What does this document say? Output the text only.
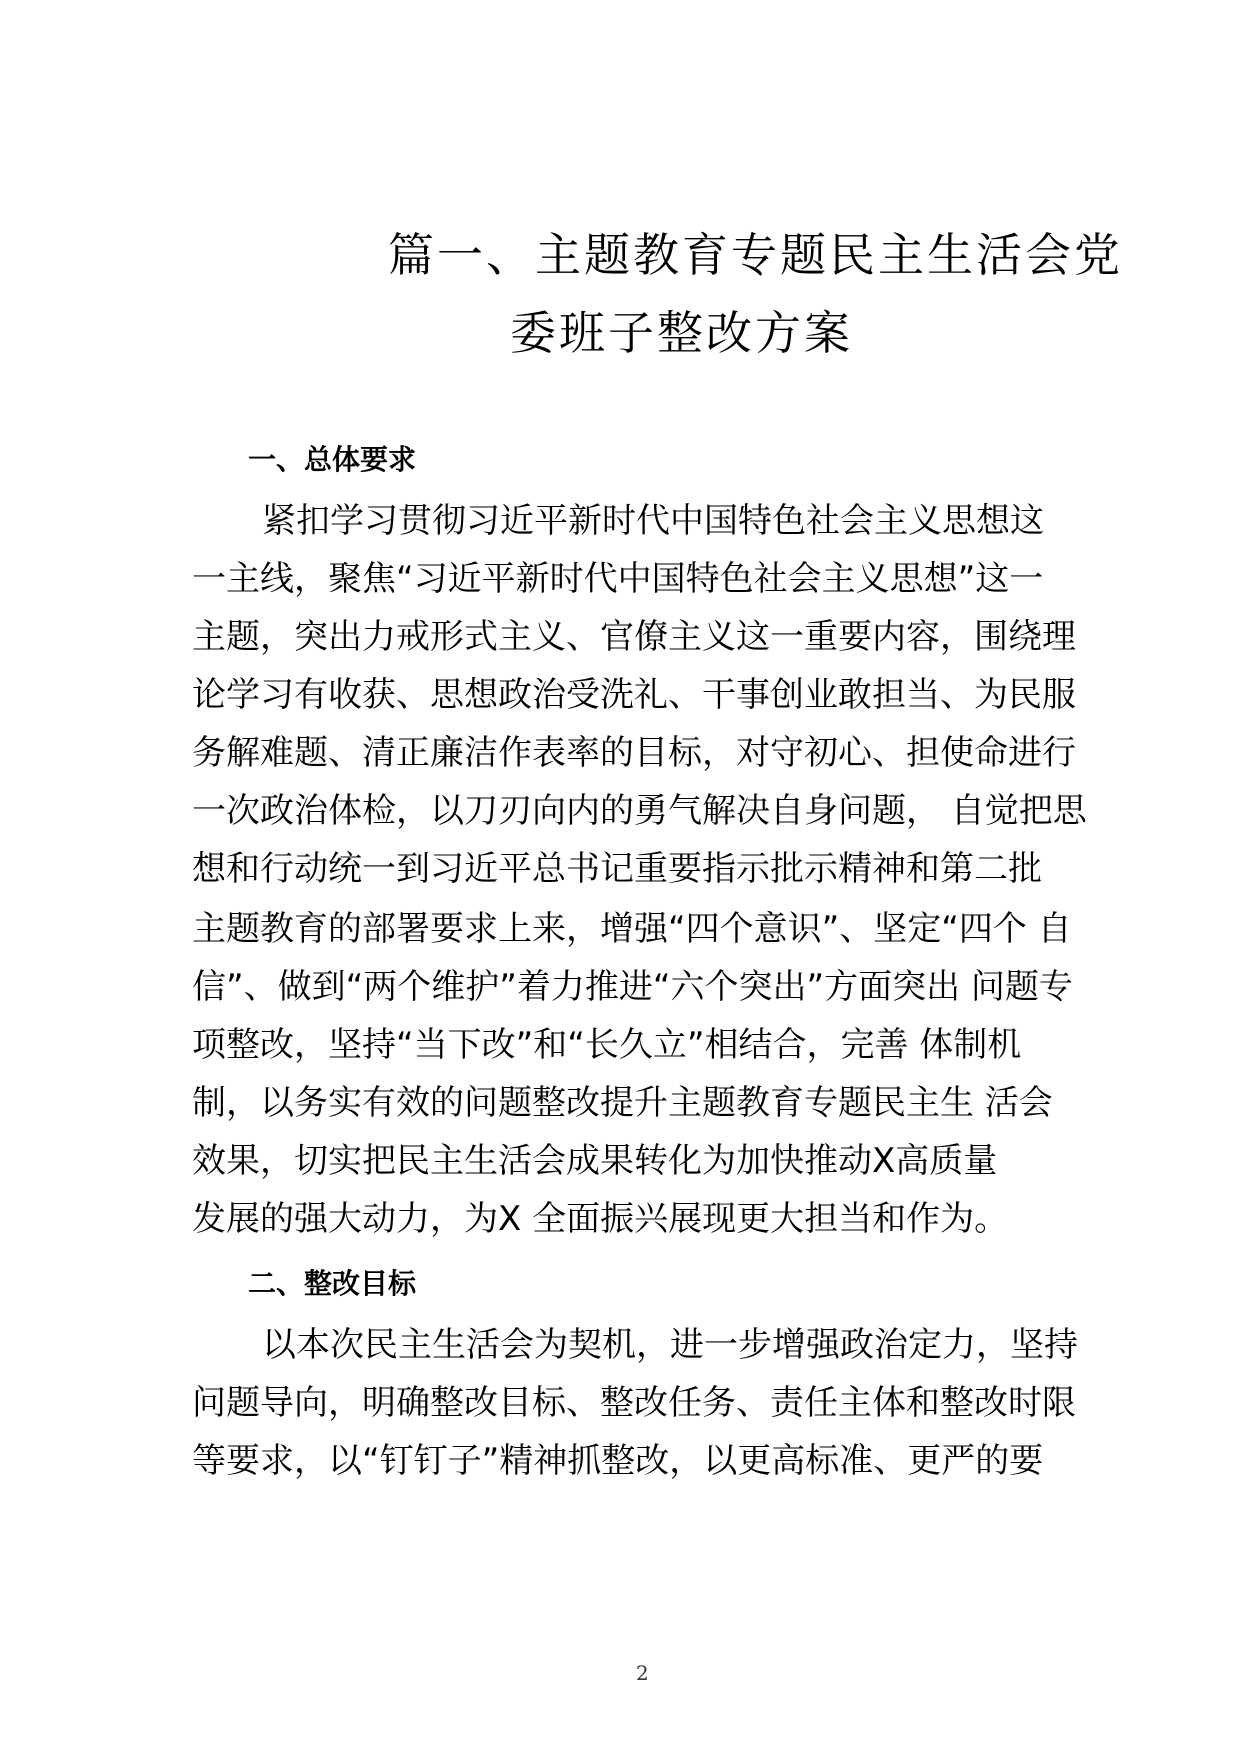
篇一、主题教育专题民主生活会党
委班子整改方案
一、总体要求
紧扣学习贯彻习近平新时代中国特色社会主义思想这
一主线，聚焦“习近平新时代中国特色社会主义思想”这一
主题，突出力戒形式主义、官僚主义这一重要内容，围绕理
论学习有收获、思想政治受洗礼、干事创业敢担当、为民服
务解难题、清正廉洁作表率的目标，对守初心、担使命进行
一次政治体检，以刀刃向内的勇气解决自身问题， 自觉把思
想和行动统一到习近平总书记重要指示批示精神和第二批
主题教育的部署要求上来，增强“四个意识”、坚定“四个 自
信”、做到“两个维护”着力推进“六个突出”方面突出 问题专
项整改，坚持“当下改”和“长久立”相结合，完善 体制机
制，以务实有效的问题整改提升主题教育专题民主生 活会
效果，切实把民主生活会成果转化为加快推动X高质量
发展的强大动力，为X 全面振兴展现更大担当和作为。
二、整改目标
以本次民主生活会为契机，进一步增强政治定力，坚持
问题导向，明确整改目标、整改任务、责任主体和整改时限
等要求，以“钉钉子”精神抓整改，以更高标准、更严的要
2
